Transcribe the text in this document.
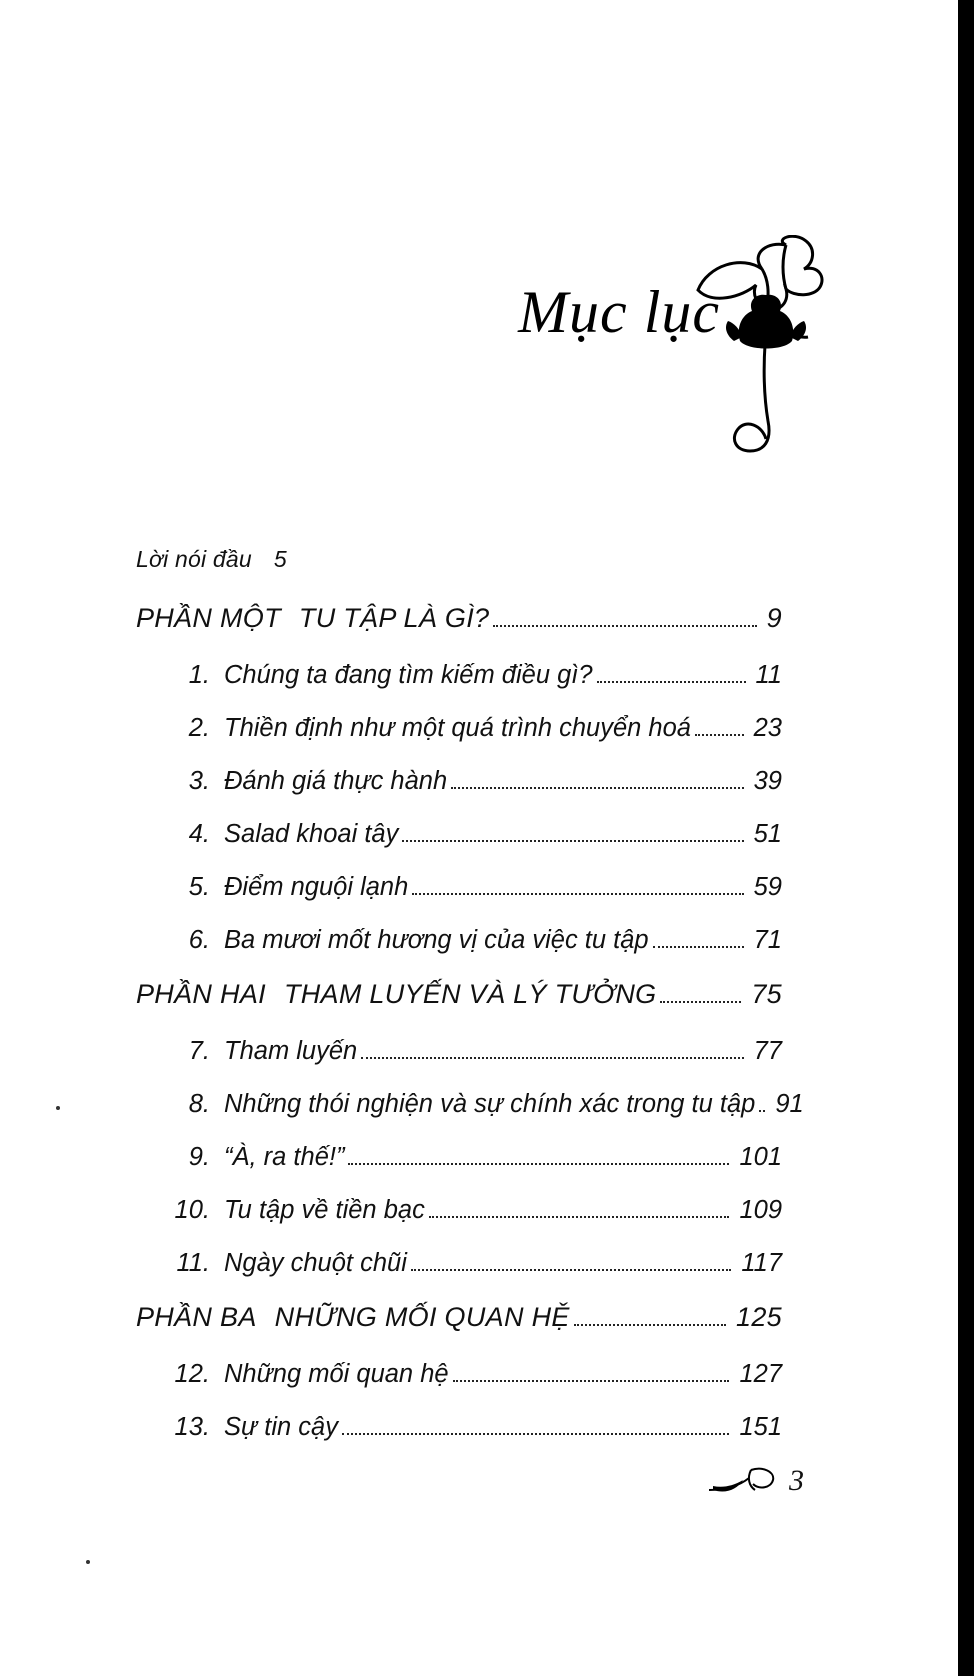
Mục lục
Lời nói đầu 5
PHẦN MỘT TU TẬP LÀ GÌ?	9
1. Chúng ta đang tìm kiếm điều gì?	11
2. Thiền định như một quá trình chuyển hoá 23
3. Đánh giá thực hành	39
4. Salad khoai tây	51
5. Điểm nguội lạnh	59
6. Ba mươi mốt hương vị của việc tu tập	71
PHẦN HAI THAM LUYẾN VÀ LÝ TƯỞNG	75
7. Tham luyến	77
8. Những thói nghiện và sự chính xác trong tu tập 91
9. “À, ra thế!”	101
10. Tu tập về tiền bạc	109
11. Ngày chuột chũi	117
PHẦN BA NHỮNG MỐI QUAN HỆ	125
12. Những mối quan hệ	127
13. Sự tin cậy	151
3
